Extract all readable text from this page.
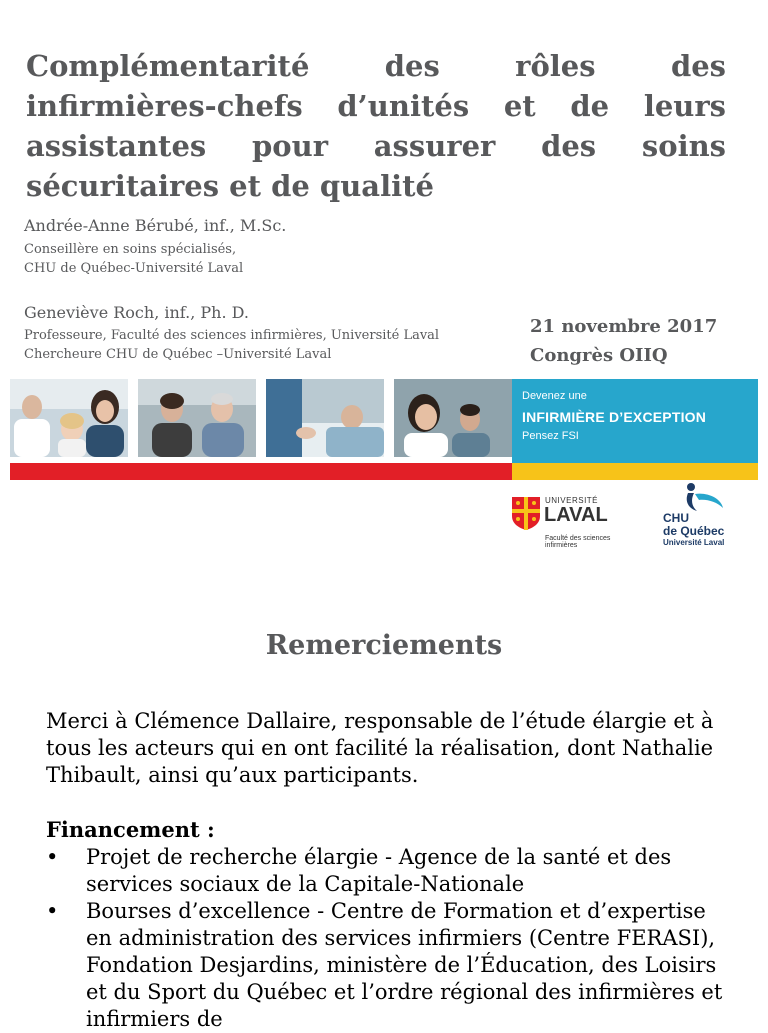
Complémentarité des rôles des infirmières-chefs d’unités et de leurs assistantes pour assurer des soins sécuritaires et de qualité
Andrée-Anne Bérubé, inf., M.Sc.
Conseillère en soins spécialisés,
CHU de Québec-Université Laval
Geneviève Roch, inf., Ph. D.
Professeure, Faculté des sciences infirmières, Université Laval
Chercheure CHU de Québec –Université Laval
21 novembre 2017
Congrès OIIQ
Devenez une
INFIRMIÈRE D’EXCEPTION
Pensez FSI
UNIVERSITÉ
LAVAL
Faculté des sciences infirmières
CHU
de Québec
Université Laval
Remerciements

Merci à Clémence Dallaire, responsable de l’étude élargie et à tous les acteurs qui en ont facilité la réalisation, dont Nathalie Thibault, ainsi qu’aux participants.

Financement :
• Projet de recherche élargie - Agence de la santé et des services sociaux de la Capitale-Nationale
• Bourses d’excellence - Centre de Formation et d’expertise en administration des services infirmiers (Centre FERASI), Fondation Desjardins, ministère de l’Éducation, des Loisirs et du Sport du Québec et l’ordre régional des infirmières et infirmiers de
